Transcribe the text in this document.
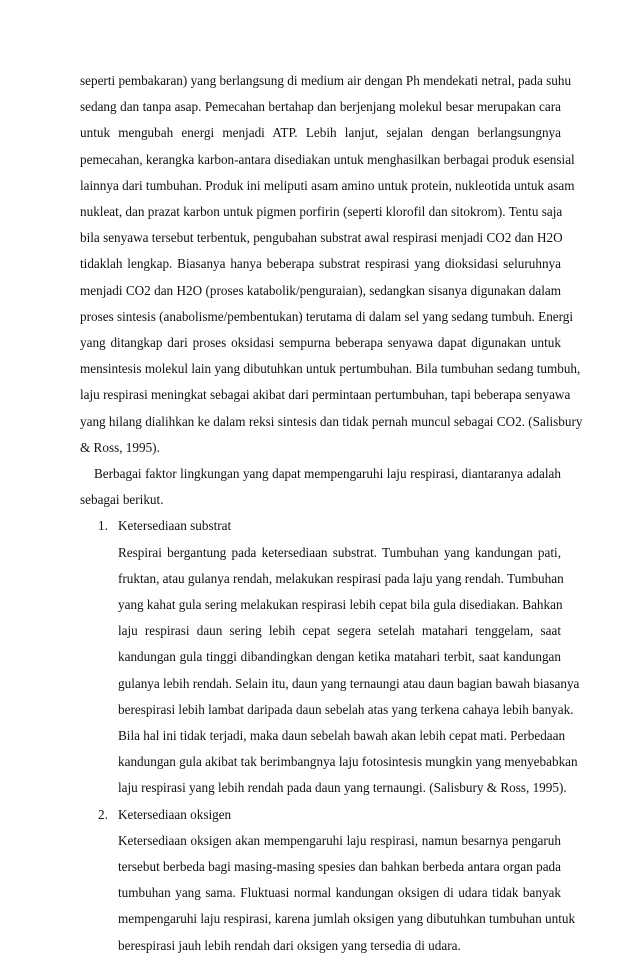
seperti pembakaran) yang berlangsung di medium air dengan Ph mendekati netral, pada suhu
sedang dan tanpa asap. Pemecahan bertahap dan berjenjang molekul besar merupakan cara
untuk mengubah energi menjadi ATP. Lebih lanjut, sejalan dengan berlangsungnya
pemecahan, kerangka karbon-antara disediakan untuk menghasilkan berbagai produk esensial
lainnya dari tumbuhan. Produk ini meliputi asam amino untuk protein, nukleotida untuk asam
nukleat, dan prazat karbon untuk pigmen porfirin (seperti klorofil dan sitokrom). Tentu saja
bila senyawa tersebut terbentuk, pengubahan substrat awal respirasi menjadi CO2 dan H2O
tidaklah lengkap. Biasanya hanya beberapa substrat respirasi yang dioksidasi seluruhnya
menjadi CO2 dan H2O (proses katabolik/penguraian), sedangkan sisanya digunakan dalam
proses sintesis (anabolisme/pembentukan) terutama di dalam sel yang sedang tumbuh. Energi
yang ditangkap dari proses oksidasi sempurna beberapa senyawa dapat digunakan untuk
mensintesis molekul lain yang dibutuhkan untuk pertumbuhan. Bila tumbuhan sedang tumbuh,
laju respirasi meningkat sebagai akibat dari permintaan pertumbuhan, tapi beberapa senyawa
yang hilang dialihkan ke dalam reksi sintesis dan tidak pernah muncul sebagai CO2. (Salisbury
& Ross, 1995).
Berbagai faktor lingkungan yang dapat mempengaruhi laju respirasi, diantaranya adalah
sebagai berikut.
1. Ketersediaan substrat
Respirai bergantung pada ketersediaan substrat. Tumbuhan yang kandungan pati,
fruktan, atau gulanya rendah, melakukan respirasi pada laju yang rendah. Tumbuhan
yang kahat gula sering melakukan respirasi lebih cepat bila gula disediakan. Bahkan
laju respirasi daun sering lebih cepat segera setelah matahari tenggelam, saat
kandungan gula tinggi dibandingkan dengan ketika matahari terbit, saat kandungan
gulanya lebih rendah. Selain itu, daun yang ternaungi atau daun bagian bawah biasanya
berespirasi lebih lambat daripada daun sebelah atas yang terkena cahaya lebih banyak.
Bila hal ini tidak terjadi, maka daun sebelah bawah akan lebih cepat mati. Perbedaan
kandungan gula akibat tak berimbangnya laju fotosintesis mungkin yang menyebabkan
laju respirasi yang lebih rendah pada daun yang ternaungi. (Salisbury & Ross, 1995).
2. Ketersediaan oksigen
Ketersediaan oksigen akan mempengaruhi laju respirasi, namun besarnya pengaruh
tersebut berbeda bagi masing-masing spesies dan bahkan berbeda antara organ pada
tumbuhan yang sama. Fluktuasi normal kandungan oksigen di udara tidak banyak
mempengaruhi laju respirasi, karena jumlah oksigen yang dibutuhkan tumbuhan untuk
berespirasi jauh lebih rendah dari oksigen yang tersedia di udara.
